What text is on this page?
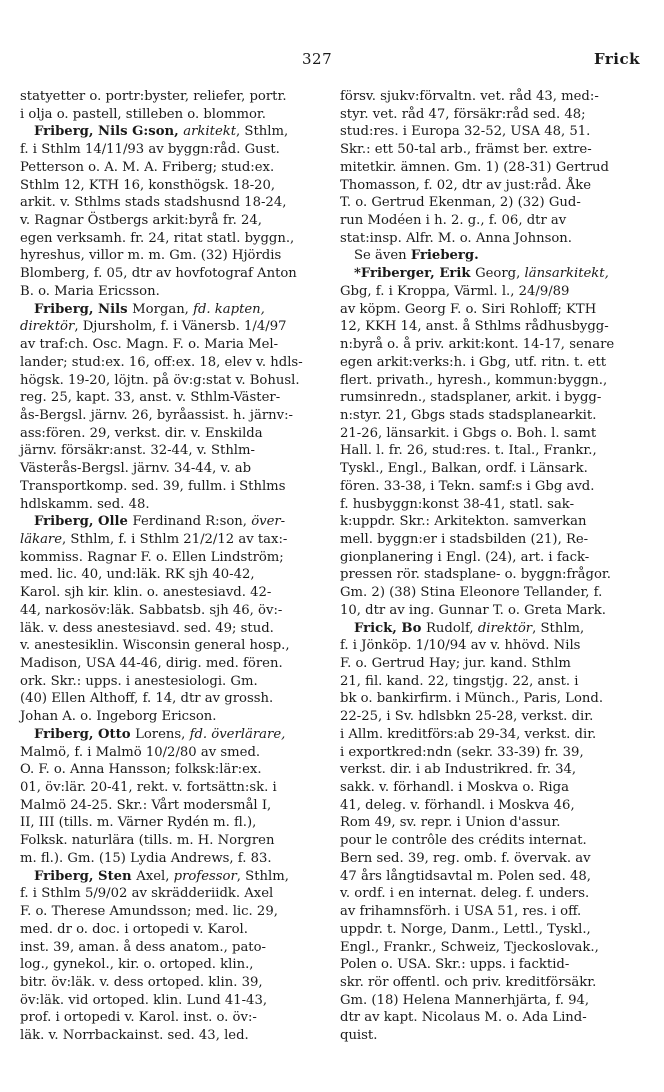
327	Frick
statyetter o. portr:byster, reliefer, portr.
i olja o. pastell, stilleben o. blommor.
Friberg, Nils G:son, arkitekt, Sthlm,
f. i Sthlm 14/11/93 av byggn:råd. Gust.
Petterson o. A. M. A. Friberg; stud:ex.
Sthlm 12, KTH 16, konsthögsk. 18-20,
arkit. v. Sthlms stads stadshusnd 18-24,
v. Ragnar Östbergs arkit:byrå fr. 24,
egen verksamh. fr. 24, ritat statl. byggn.,
hyreshus, villor m. m. Gm. (32) Hjördis
Blomberg, f. 05, dtr av hovfotograf Anton
B. o. Maria Ericsson.
Friberg, Nils Morgan, fd. kapten,
direktör, Djursholm, f. i Vänersb. 1/4/97
av traf:ch. Osc. Magn. F. o. Maria Mel-
lander; stud:ex. 16, off:ex. 18, elev v. hdls-
högsk. 19-20, löjtn. på öv:g:stat v. Bohusl.
reg. 25, kapt. 33, anst. v. Sthlm-Väster-
ås-Bergsl. järnv. 26, byråassist. h. järnv:-
ass:fören. 29, verkst. dir. v. Enskilda
järnv. försäkr:anst. 32-44, v. Sthlm-
Västerås-Bergsl. järnv. 34-44, v. ab
Transportkomp. sed. 39, fullm. i Sthlms
hdlskamm. sed. 48.
Friberg, Olle Ferdinand R:son, över-
läkare, Sthlm, f. i Sthlm 21/2/12 av tax:-
kommiss. Ragnar F. o. Ellen Lindström;
med. lic. 40, und:läk. RK sjh 40-42,
Karol. sjh kir. klin. o. anestesiavd. 42-
44, narkosöv:läk. Sabbatsb. sjh 46, öv:-
läk. v. dess anestesiavd. sed. 49; stud.
v. anestesiklin. Wisconsin general hosp.,
Madison, USA 44-46, dirig. med. fören.
ork. Skr.: upps. i anestesiologi. Gm.
(40) Ellen Althoff, f. 14, dtr av grossh.
Johan A. o. Ingeborg Ericson.
Friberg, Otto Lorens, fd. överlärare,
Malmö, f. i Malmö 10/2/80 av smed.
O. F. o. Anna Hansson; folksk:lär:ex.
01, öv:lär. 20-41, rekt. v. fortsättn:sk. i
Malmö 24-25. Skr.: Vårt modersmål I,
II, III (tills. m. Värner Rydén m. fl.),
Folksk. naturlära (tills. m. H. Norgren
m. fl.). Gm. (15) Lydia Andrews, f. 83.
Friberg, Sten Axel, professor, Sthlm,
f. i Sthlm 5/9/02 av skrädderiidk. Axel
F. o. Therese Amundsson; med. lic. 29,
med. dr o. doc. i ortopedi v. Karol.
inst. 39, aman. å dess anatom., pato-
log., gynekol., kir. o. ortoped. klin.,
bitr. öv:läk. v. dess ortoped. klin. 39,
öv:läk. vid ortoped. klin. Lund 41-43,
prof. i ortopedi v. Karol. inst. o. öv:-
läk. v. Norrbackainst. sed. 43, led.
försv. sjukv:förvaltn. vet. råd 43, med:-
styr. vet. råd 47, försäkr:råd sed. 48;
stud:res. i Europa 32-52, USA 48, 51.
Skr.: ett 50-tal arb., främst ber. extre-
mitetkir. ämnen. Gm. 1) (28-31) Gertrud
Thomasson, f. 02, dtr av just:råd. Åke
T. o. Gertrud Ekenman, 2) (32) Gud-
run Modéen i h. 2. g., f. 06, dtr av
stat:insp. Alfr. M. o. Anna Johnson.
Se även Frieberg.
*Friberger, Erik Georg, länsarkitekt,
Gbg, f. i Kroppa, Värml. l., 24/9/89
av köpm. Georg F. o. Siri Rohloff; KTH
12, KKH 14, anst. å Sthlms rådhusbygg-
n:byrå o. å priv. arkit:kont. 14-17, senare
egen arkit:verks:h. i Gbg, utf. ritn. t. ett
flert. privath., hyresh., kommun:byggn.,
rumsinredn., stadsplaner, arkit. i bygg-
n:styr. 21, Gbgs stads stadsplanearkit.
21-26, länsarkit. i Gbgs o. Boh. l. samt
Hall. l. fr. 26, stud:res. t. Ital., Frankr.,
Tyskl., Engl., Balkan, ordf. i Länsark.
fören. 33-38, i Tekn. samf:s i Gbg avd.
f. husbyggn:konst 38-41, statl. sak-
k:uppdr. Skr.: Arkitekton. samverkan
mell. byggn:er i stadsbilden (21), Re-
gionplanering i Engl. (24), art. i fack-
pressen rör. stadsplane- o. byggn:frågor.
Gm. 2) (38) Stina Eleonore Tellander, f.
10, dtr av ing. Gunnar T. o. Greta Mark.
Frick, Bo Rudolf, direktör, Sthlm,
f. i Jönköp. 1/10/94 av v. hhövd. Nils
F. o. Gertrud Hay; jur. kand. Sthlm
21, fil. kand. 22, tingstjg. 22, anst. i
bk o. bankirfirm. i Münch., Paris, Lond.
22-25, i Sv. hdlsbkn 25-28, verkst. dir.
i Allm. kreditförs:ab 29-34, verkst. dir.
i exportkred:ndn (sekr. 33-39) fr. 39,
verkst. dir. i ab Industrikred. fr. 34,
sakk. v. förhandl. i Moskva o. Riga
41, deleg. v. förhandl. i Moskva 46,
Rom 49, sv. repr. i Union d'assur.
pour le contrôle des crédits internat.
Bern sed. 39, reg. omb. f. övervak. av
47 års långtidsavtal m. Polen sed. 48,
v. ordf. i en internat. deleg. f. unders.
av frihamnsförh. i USA 51, res. i off.
uppdr. t. Norge, Danm., Lettl., Tyskl.,
Engl., Frankr., Schweiz, Tjeckoslovak.,
Polen o. USA. Skr.: upps. i facktid-
skr. rör offentl. och priv. kreditförsäkr.
Gm. (18) Helena Mannerhjärta, f. 94,
dtr av kapt. Nicolaus M. o. Ada Lind-
quist.
